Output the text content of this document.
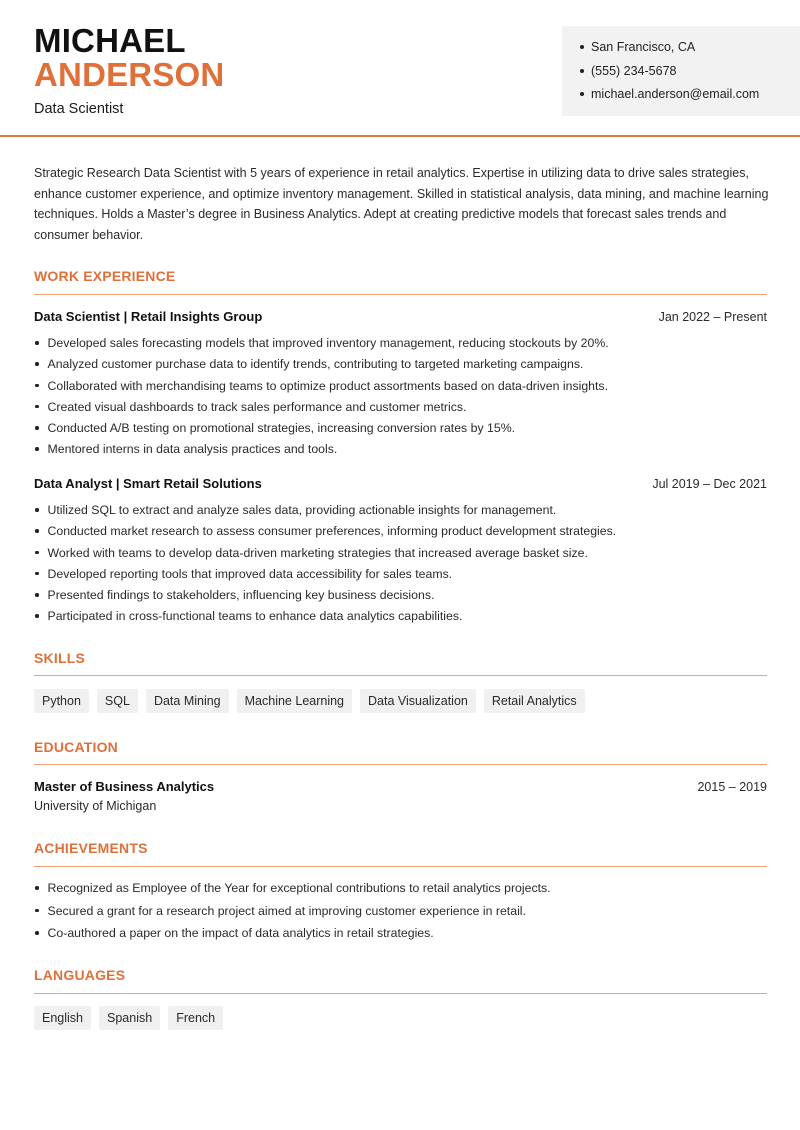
MICHAEL
ANDERSON
Data Scientist
San Francisco, CA
(555) 234-5678
michael.anderson@email.com

Strategic Research Data Scientist with 5 years of experience in retail analytics. Expertise in utilizing data to drive sales strategies, enhance customer experience, and optimize inventory management. Skilled in statistical analysis, data mining, and machine learning techniques. Holds a Master’s degree in Business Analytics. Adept at creating predictive models that forecast sales trends and consumer behavior.

WORK EXPERIENCE
Data Scientist | Retail Insights Group	Jan 2022 – Present
Developed sales forecasting models that improved inventory management, reducing stockouts by 20%.
Analyzed customer purchase data to identify trends, contributing to targeted marketing campaigns.
Collaborated with merchandising teams to optimize product assortments based on data-driven insights.
Created visual dashboards to track sales performance and customer metrics.
Conducted A/B testing on promotional strategies, increasing conversion rates by 15%.
Mentored interns in data analysis practices and tools.
Data Analyst | Smart Retail Solutions	Jul 2019 – Dec 2021
Utilized SQL to extract and analyze sales data, providing actionable insights for management.
Conducted market research to assess consumer preferences, informing product development strategies.
Worked with teams to develop data-driven marketing strategies that increased average basket size.
Developed reporting tools that improved data accessibility for sales teams.
Presented findings to stakeholders, influencing key business decisions.
Participated in cross-functional teams to enhance data analytics capabilities.
SKILLS
Python	SQL	Data Mining	Machine Learning	Data Visualization	Retail Analytics
EDUCATION
Master of Business Analytics	2015 – 2019
University of Michigan
ACHIEVEMENTS
Recognized as Employee of the Year for exceptional contributions to retail analytics projects.
Secured a grant for a research project aimed at improving customer experience in retail.
Co-authored a paper on the impact of data analytics in retail strategies.
LANGUAGES
English	Spanish	French
